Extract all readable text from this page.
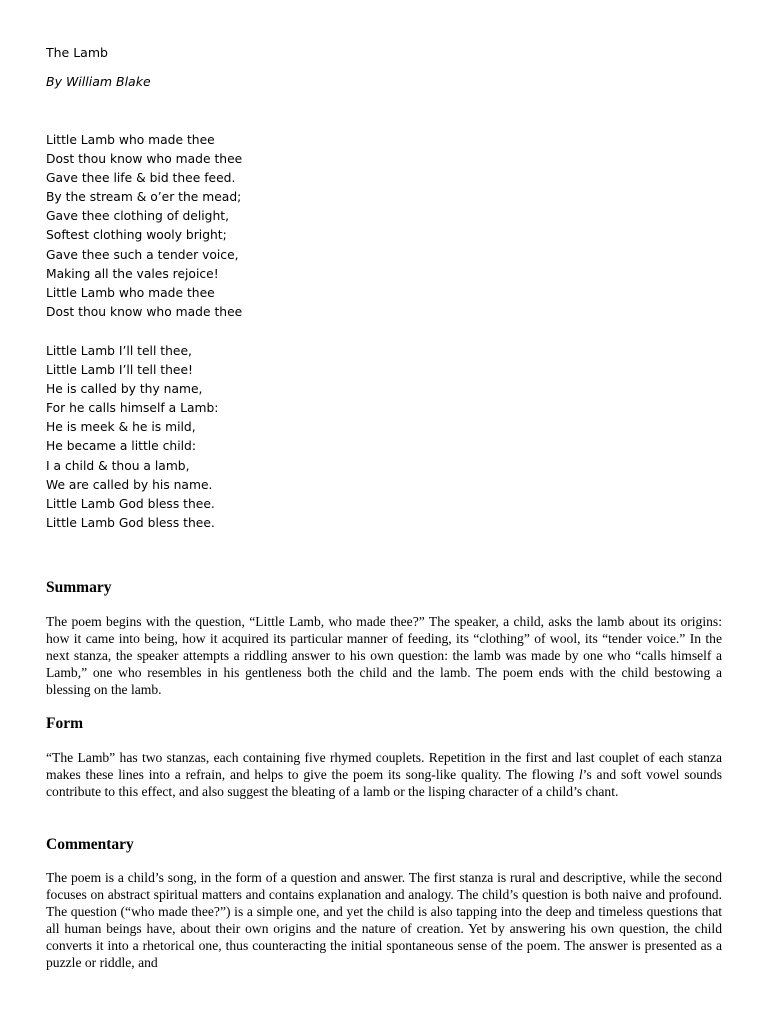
The Lamb

By William Blake

Little Lamb who made thee
Dost thou know who made thee
Gave thee life & bid thee feed.
By the stream & o’er the mead;
Gave thee clothing of delight,
Softest clothing wooly bright;
Gave thee such a tender voice,
Making all the vales rejoice!
Little Lamb who made thee
Dost thou know who made thee
Little Lamb I’ll tell thee,
Little Lamb I’ll tell thee!
He is called by thy name,
For he calls himself a Lamb:
He is meek & he is mild,
He became a little child:
I a child & thou a lamb,
We are called by his name.
Little Lamb God bless thee.
Little Lamb God bless thee.
Summary

The poem begins with the question, “Little Lamb, who made thee?” The speaker, a child, asks the lamb about its origins: how it came into being, how it acquired its particular manner of feeding, its “clothing” of wool, its “tender voice.” In the next stanza, the speaker attempts a riddling answer to his own question: the lamb was made by one who “calls himself a Lamb,” one who resembles in his gentleness both the child and the lamb. The poem ends with the child bestowing a blessing on the lamb.

Form

“The Lamb” has two stanzas, each containing five rhymed couplets. Repetition in the first and last couplet of each stanza makes these lines into a refrain, and helps to give the poem its song-like quality. The flowing l’s and soft vowel sounds contribute to this effect, and also suggest the bleating of a lamb or the lisping character of a child’s chant.

Commentary

The poem is a child’s song, in the form of a question and answer. The first stanza is rural and descriptive, while the second focuses on abstract spiritual matters and contains explanation and analogy. The child’s question is both naive and profound. The question (“who made thee?”) is a simple one, and yet the child is also tapping into the deep and timeless questions that all human beings have, about their own origins and the nature of creation. Yet by answering his own question, the child converts it into a rhetorical one, thus counteracting the initial spontaneous sense of the poem. The answer is presented as a puzzle or riddle, and
